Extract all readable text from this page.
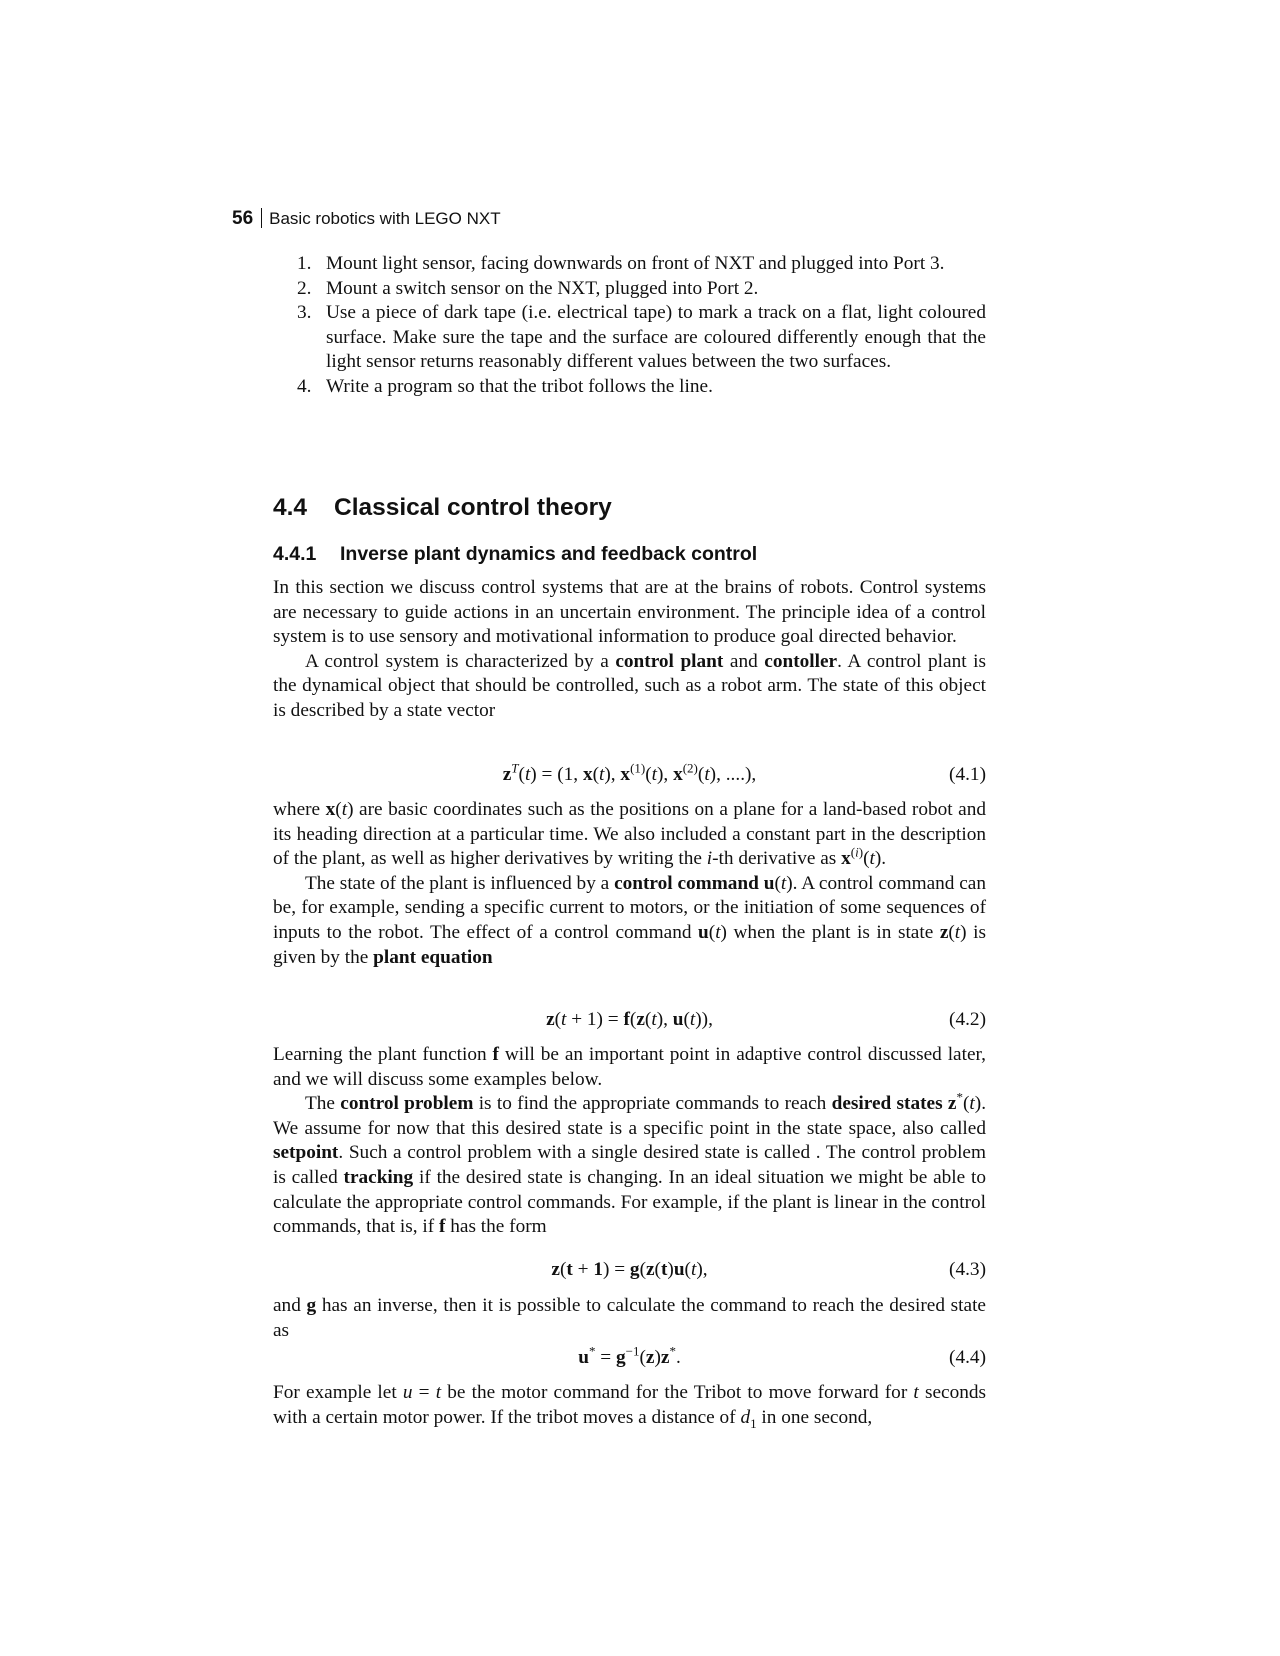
56 Basic robotics with LEGO NXT
1. Mount light sensor, facing downwards on front of NXT and plugged into Port 3.
2. Mount a switch sensor on the NXT, plugged into Port 2.
3. Use a piece of dark tape (i.e. electrical tape) to mark a track on a flat, light coloured surface. Make sure the tape and the surface are coloured differently enough that the light sensor returns reasonably different values between the two surfaces.
4. Write a program so that the tribot follows the line.
4.4 Classical control theory
4.4.1 Inverse plant dynamics and feedback control

In this section we discuss control systems that are at the brains of robots. Control systems are necessary to guide actions in an uncertain environment. The principle idea of a control system is to use sensory and motivational information to produce goal directed behavior.

A control system is characterized by a control plant and contoller. A control plant is the dynamical object that should be controlled, such as a robot arm. The state of this object is described by a state vector

$z^T(t) = (1$, x(t), $x^{(1)}(t)$, $x^{(2)}(t)$, ....),	(4.1)

where x(t) are basic coordinates such as the positions on a plane for a land-based robot and its heading direction at a particular time. We also included a constant part in the description of the plant, as well as higher derivatives by writing the i-th derivative as $x^{(i)}(t)$.

The state of the plant is influenced by a control command u(t). A control command can be, for example, sending a specific current to motors, or the initiation of some sequences of inputs to the robot. The effect of a control command u(t) when the plant is in state z(t) is given by the plant equation

z(t + 1) = f(z(t), u(t)),	(4.2)

Learning the plant function f will be an important point in adaptive control discussed later, and we will discuss some examples below.

The control problem is to find the appropriate commands to reach desired states z*(t). We assume for now that this desired state is a specific point in the state space, also called setpoint. Such a control problem with a single desired state is called . The control problem is called tracking if the desired state is changing. In an ideal situation we might be able to calculate the appropriate control commands. For example, if the plant is linear in the control commands, that is, if f has the form

z(t + 1) = g(z(t)u(t),	(4.3)

and g has an inverse, then it is possible to calculate the command to reach the desired state as

$u^* = g^{-1}(z)z^*$.	(4.4)

For example let u = t be the motor command for the Tribot to move forward for t seconds with a certain motor power. If the tribot moves a distance of $d_1$ in one second,
